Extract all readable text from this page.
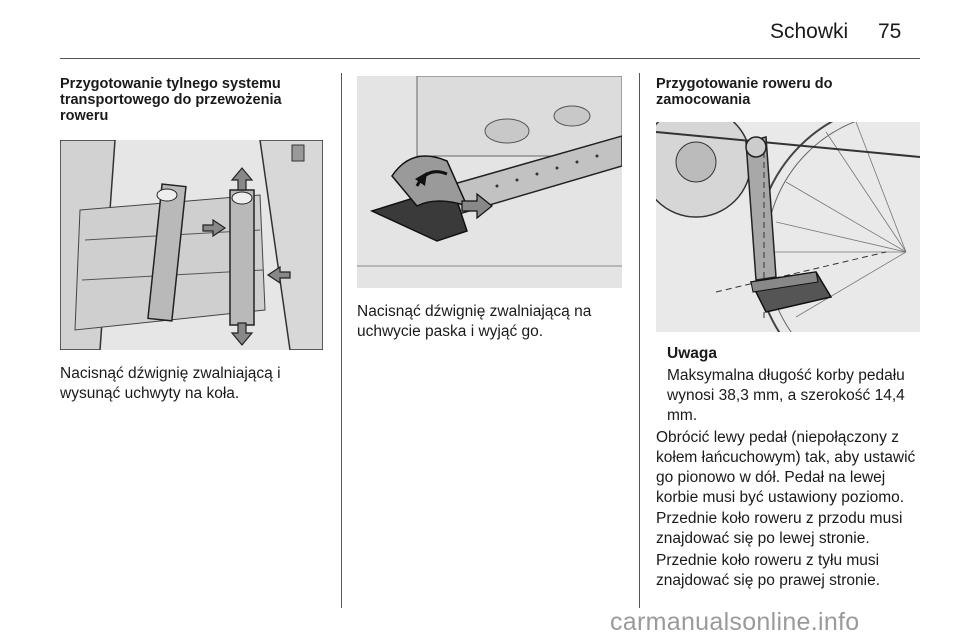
Schowki 75
Przygotowanie tylnego systemu transportowego do przewożenia roweru
Nacisnąć dźwignię zwalniającą i wysunąć uchwyty na koła.
Nacisnąć dźwignię zwalniającą na uchwycie paska i wyjąć go.
Przygotowanie roweru do zamocowania
Uwaga
Maksymalna długość korby pedału wynosi 38,3 mm, a szerokość 14,4 mm.
Obrócić lewy pedał (niepołączony z kołem łańcuchowym) tak, aby ustawić go pionowo w dół. Pedał na lewej korbie musi być ustawiony poziomo.
Przednie koło roweru z przodu musi znajdować się po lewej stronie.
Przednie koło roweru z tyłu musi znajdować się po prawej stronie.
carmanualsonline.info
